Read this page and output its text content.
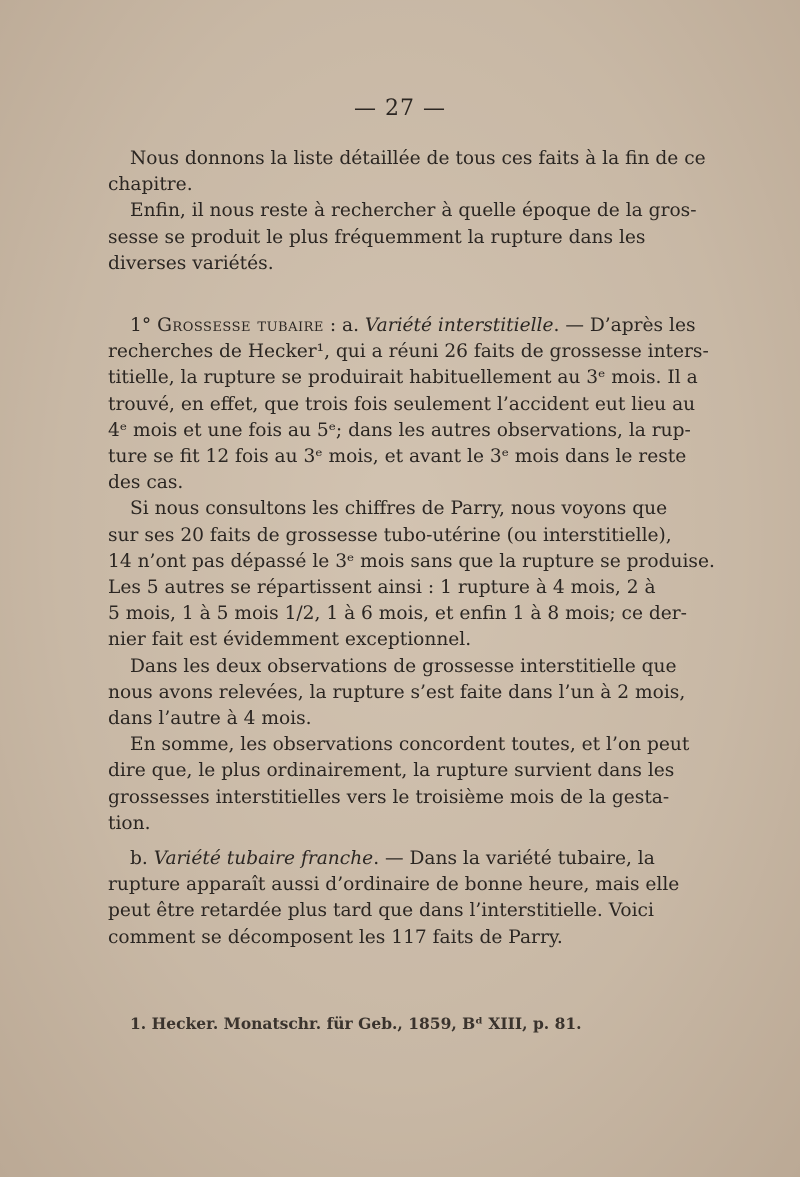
— 27 —

Nous donnons la liste détaillée de tous ces faits à la fin de ce
chapitre.

Enfin, il nous reste à rechercher à quelle époque de la gros-
sesse se produit le plus fréquemment la rupture dans les
diverses variétés.

1° Grossesse tubaire : a. Variété interstitielle. — D’après les
recherches de Hecker¹, qui a réuni 26 faits de grossesse inters-
titielle, la rupture se produirait habituellement au 3ᵉ mois. Il a
trouvé, en effet, que trois fois seulement l’accident eut lieu au
4ᵉ mois et une fois au 5ᵉ; dans les autres observations, la rup-
ture se fit 12 fois au 3ᵉ mois, et avant le 3ᵉ mois dans le reste
des cas.

Si nous consultons les chiffres de Parry, nous voyons que
sur ses 20 faits de grossesse tubo-utérine (ou interstitielle),
14 n’ont pas dépassé le 3ᵉ mois sans que la rupture se produise.
Les 5 autres se répartissent ainsi : 1 rupture à 4 mois, 2 à
5 mois, 1 à 5 mois 1/2, 1 à 6 mois, et enfin 1 à 8 mois; ce der-
nier fait est évidemment exceptionnel.

Dans les deux observations de grossesse interstitielle que
nous avons relevées, la rupture s’est faite dans l’un à 2 mois,
dans l’autre à 4 mois.

En somme, les observations concordent toutes, et l’on peut
dire que, le plus ordinairement, la rupture survient dans les
grossesses interstitielles vers le troisième mois de la gesta-
tion.

b. Variété tubaire franche. — Dans la variété tubaire, la
rupture apparaît aussi d’ordinaire de bonne heure, mais elle
peut être retardée plus tard que dans l’interstitielle. Voici
comment se décomposent les 117 faits de Parry.

1. Hecker. Monatschr. für Geb., 1859, Bᵈ XIII, p. 81.
